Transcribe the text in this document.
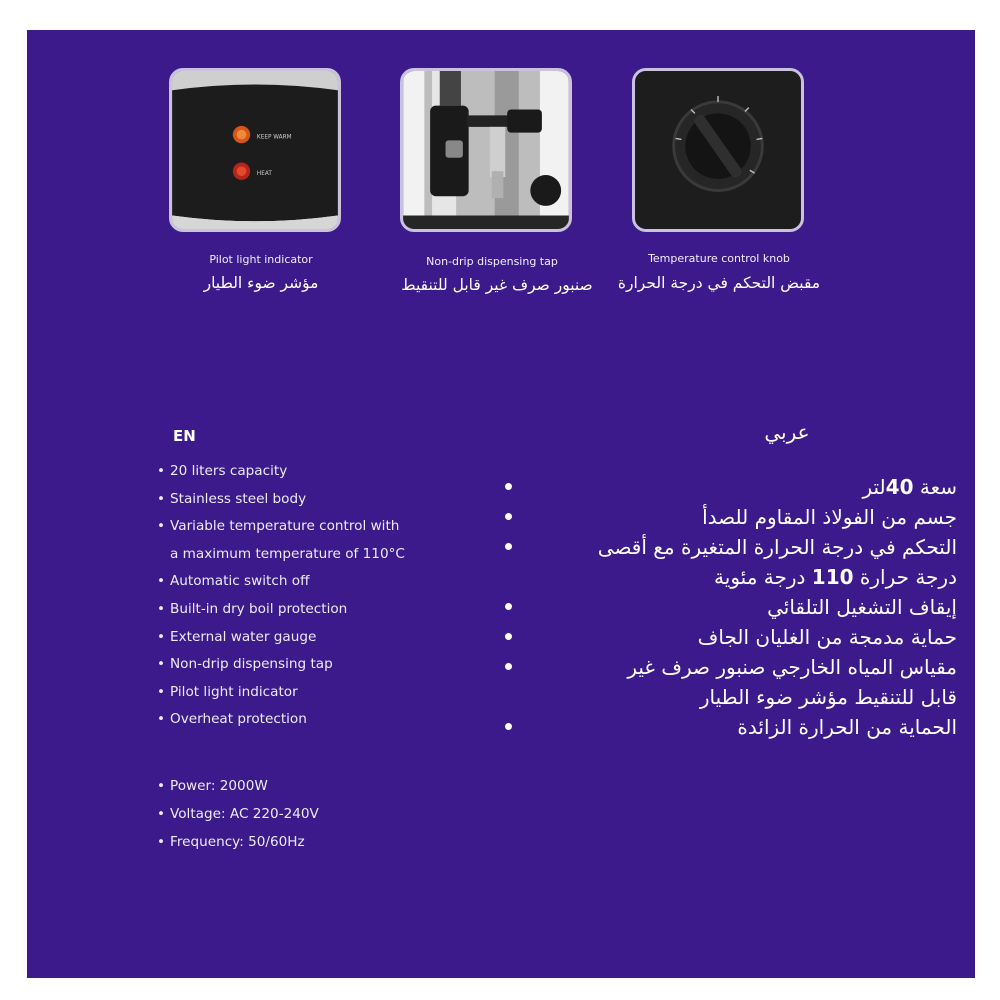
KEEP WARM
HEAT
Pilot light indicator
مؤشر ضوء الطيار
Non-drip dispensing tap
صنبور صرف غير قابل للتنقيط
Temperature control knob
مقبض التحكم في درجة الحرارة
EN
• 20 liters capacity
• Stainless steel body
• Variable temperature control with
a maximum temperature of 110°C
• Automatic switch off
• Built-in dry boil protection
• External water gauge
• Non-drip dispensing tap
• Pilot light indicator
• Overheat protection
• Power: 2000W
• Voltage: AC 220-240V
• Frequency: 50/60Hz
عربي
سعة 40لتر
جسم من الفولاذ المقاوم للصدأ
التحكم في درجة الحرارة المتغيرة مع أقصى
درجة حرارة 110 درجة مئوية
إيقاف التشغيل التلقائي
حماية مدمجة من الغليان الجاف
مقياس المياه الخارجي صنبور صرف غير
قابل للتنقيط مؤشر ضوء الطيار
الحماية من الحرارة الزائدة
